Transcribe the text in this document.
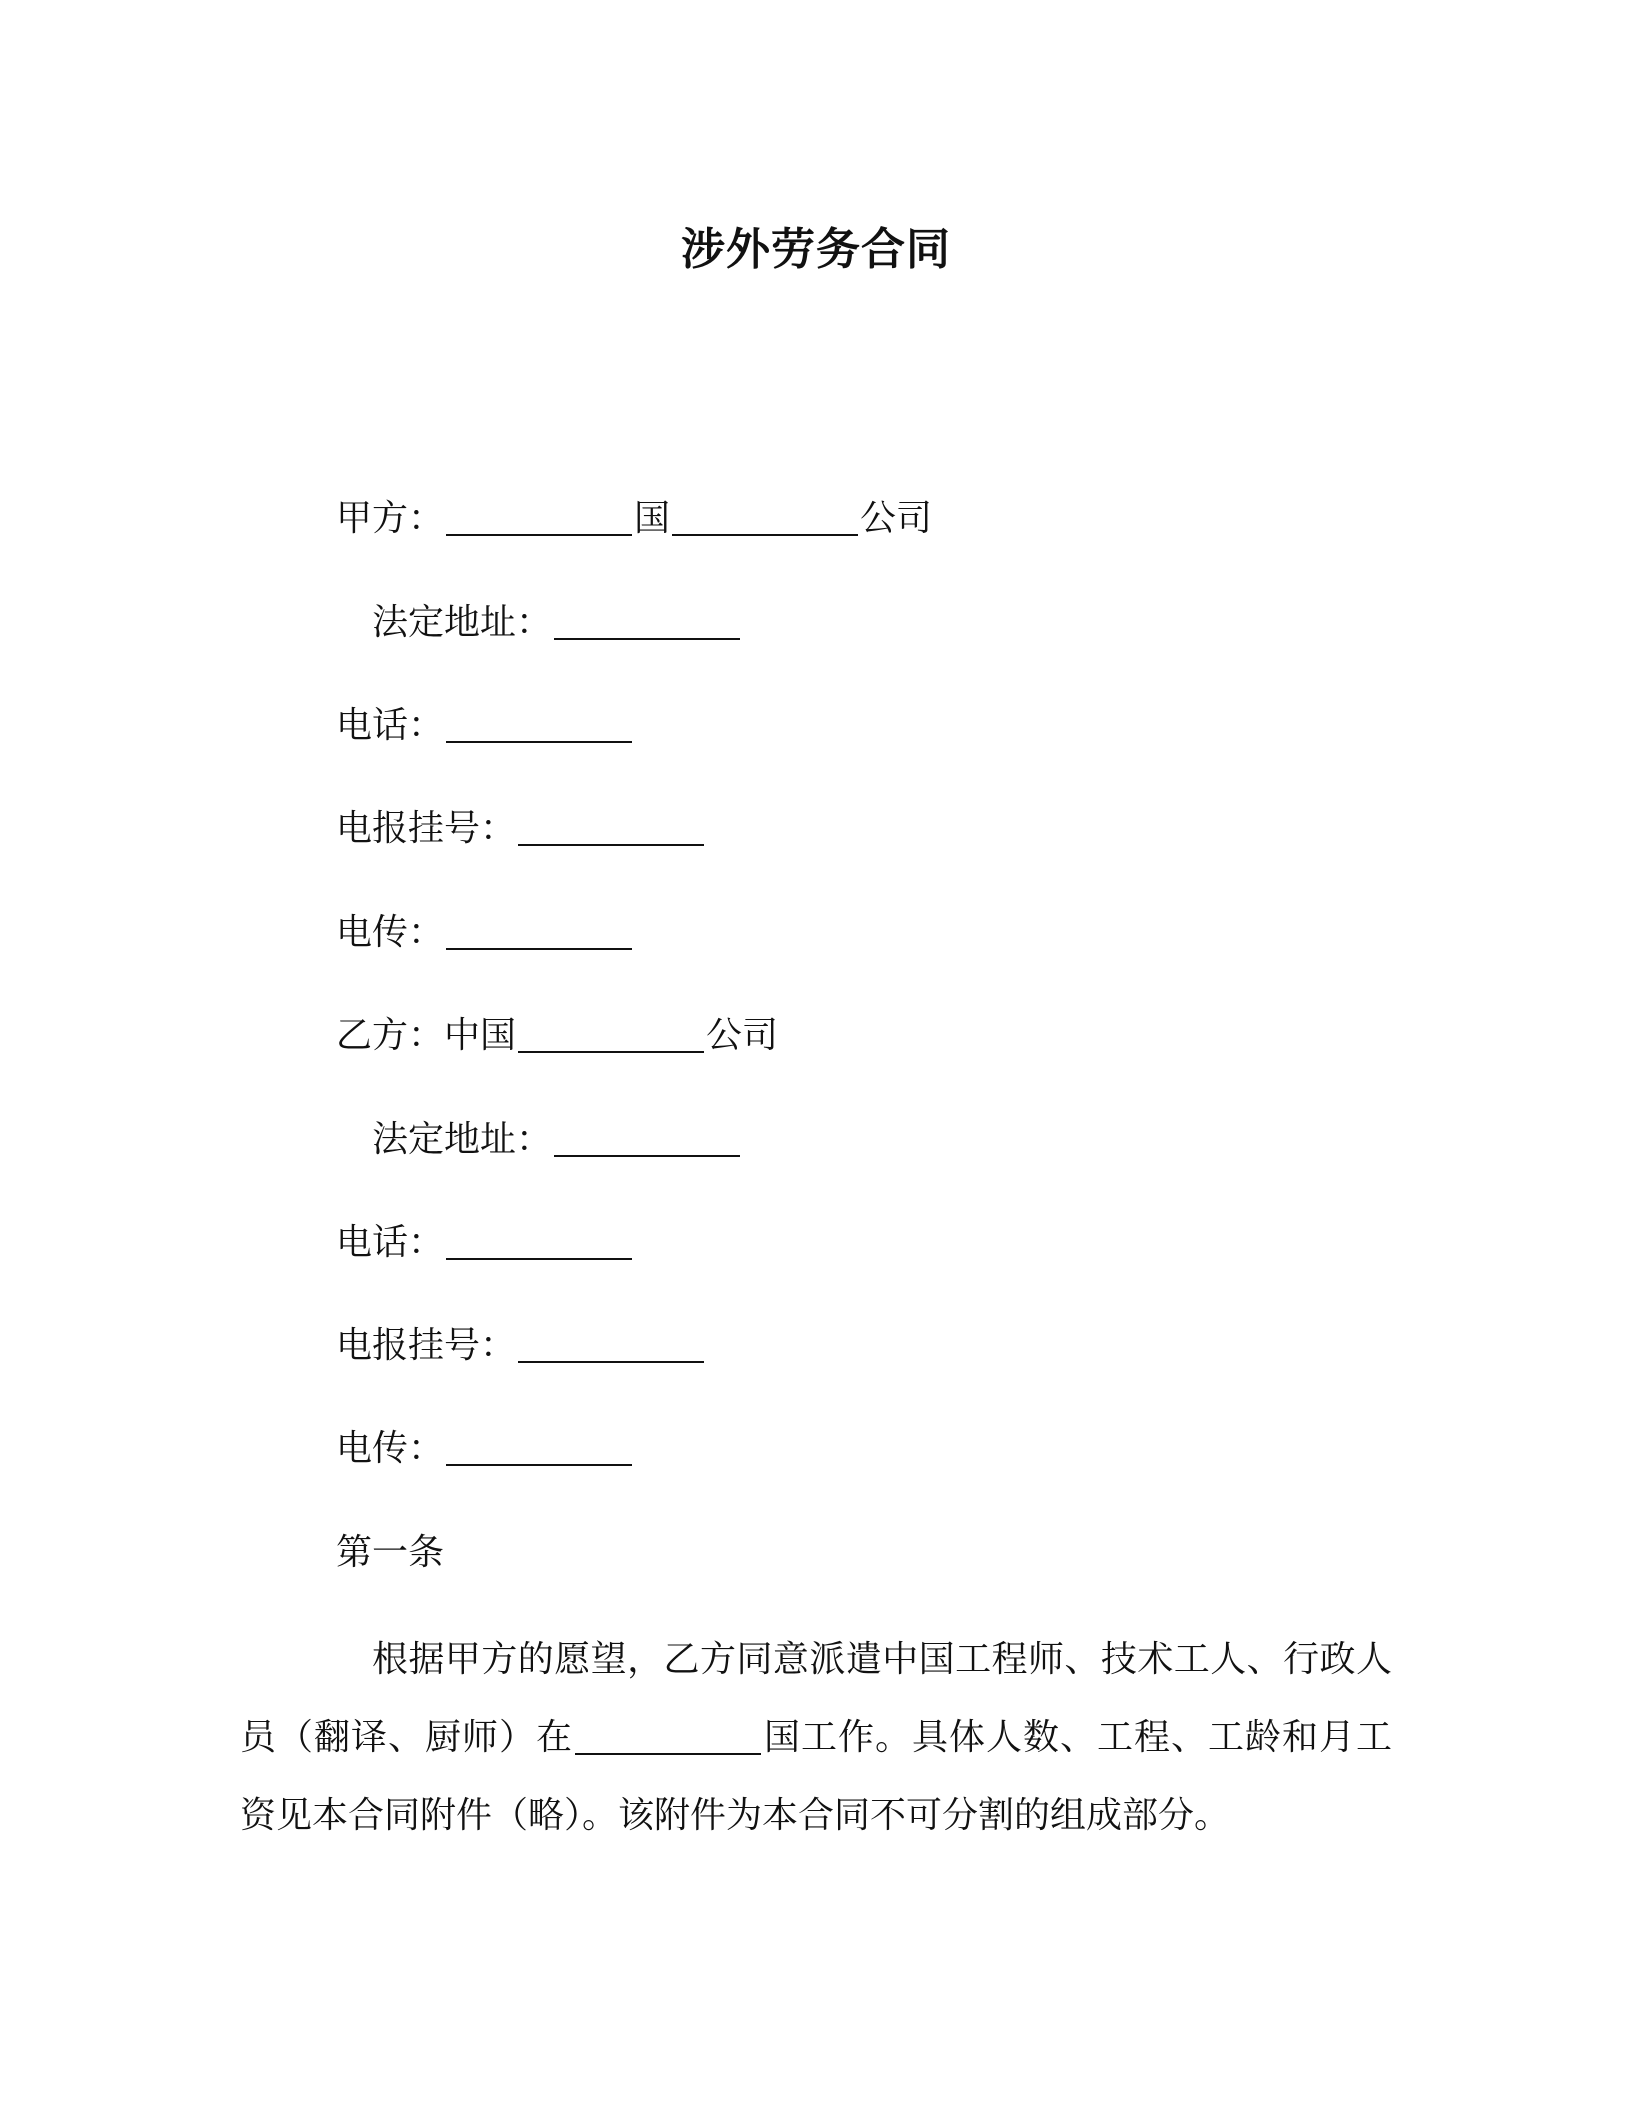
涉外劳务合同
甲方：	国	公司
法定地址：
电话：
电报挂号：
电传：
乙方：中国	公司
法定地址：
电话：
电报挂号：
电传：
第一条
根据甲方的愿望，乙方同意派遣中国工程师、技术工人、行政人员（翻译、厨师）在	国工作。具体人数、工程、工龄和月工资见本合同附件（略）。该附件为本合同不可分割的组成部分。
